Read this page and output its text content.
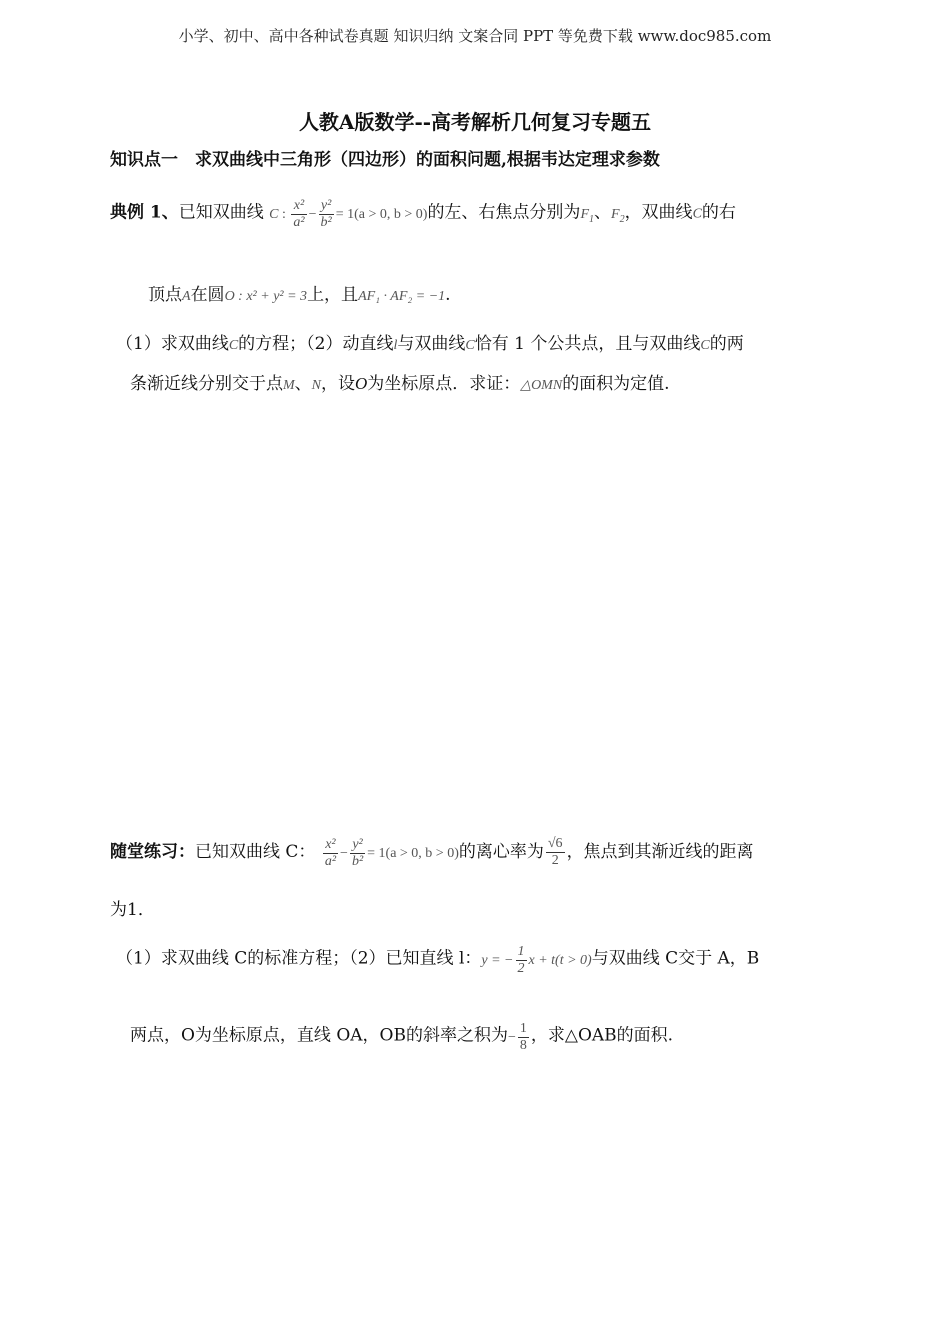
小学、初中、高中各种试卷真题 知识归纳 文案合同 PPT 等免费下载 www.doc985.com
人教A版数学--高考解析几何复习专题五
知识点一　求双曲线中三角形（四边形）的面积问题,根据韦达定理求参数
典例 1、已知双曲线 C : $\frac{\text{x²}}{\text{a²}} - \frac{\text{y²}}{\text{b²}} = 1(a > 0$, b > 0)的左、右焦点分别为$F_1$、$F_2$，双曲线C的右
顶点A在圆O : x² + y² = 3上，且AF₁ · AF₂ = −1.
（1）求双曲线C的方程；（2）动直线l与双曲线C恰有 1 个公共点，且与双曲线C的两
条渐近线分别交于点M、N，设O为坐标原点．求证：△OMN的面积为定值.
随堂练习：已知双曲线 C： $\frac{\text{x²}}{\text{a²}} - \frac{\text{y²}}{\text{b²}} = 1(a > 0$, b > 0)的离心率为 $\frac{√6}{2}$ ，焦点到其渐近线的距离
为1．
（1）求双曲线 C的标准方程；（2）已知直线 l：y = − $\frac{1}{2}$ x + t(t > 0)与双曲线 C交于 A，B
两点，O为坐标原点，直线 OA，OB的斜率之积为− $\frac{1}{8}$ ，求△OAB的面积.
